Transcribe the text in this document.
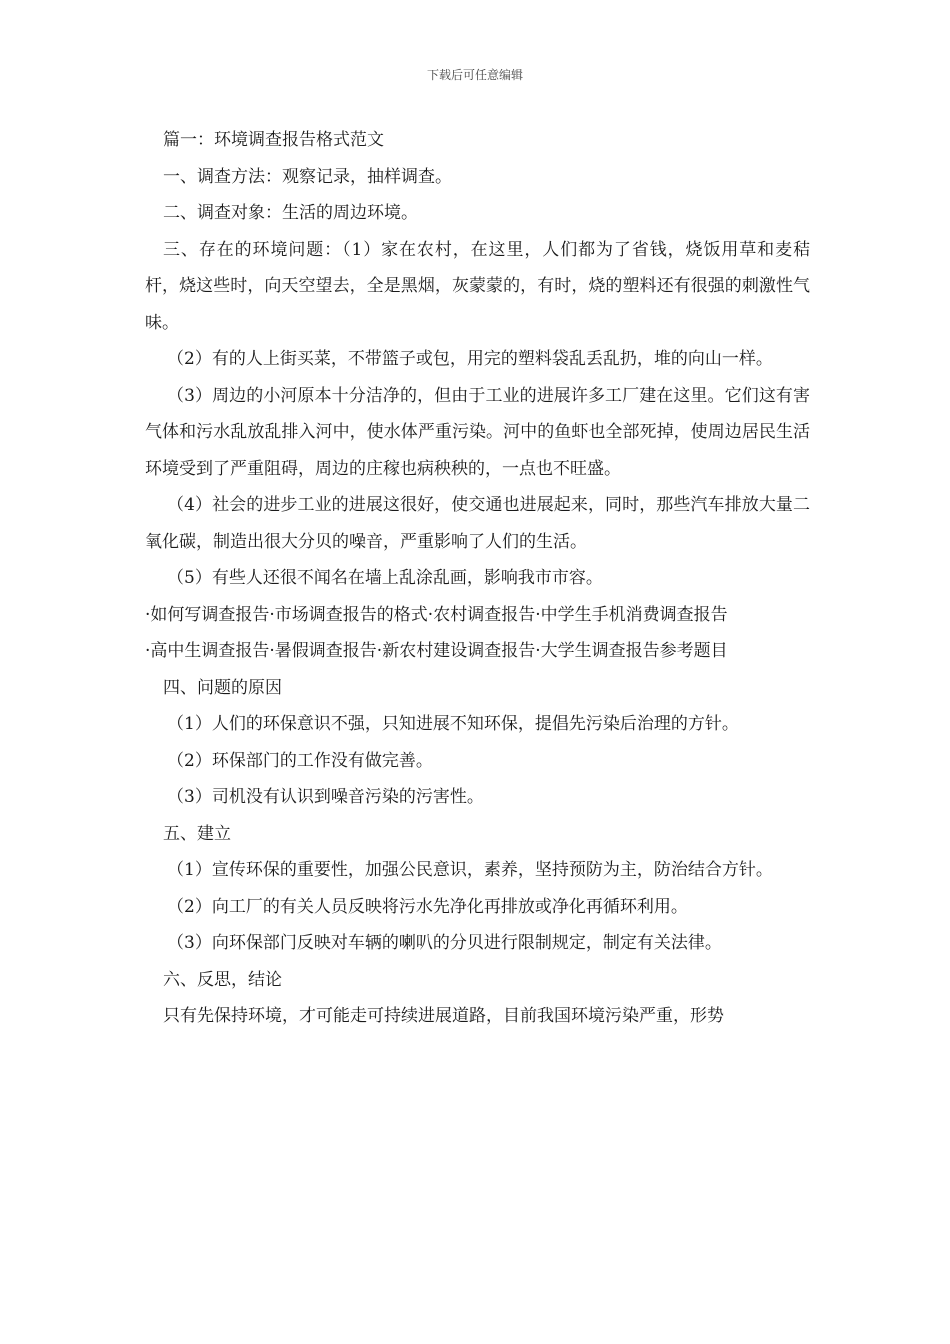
下载后可任意编辑

篇一：环境调查报告格式范文

一、调查方法：观察记录，抽样调查。

二、调查对象：生活的周边环境。

三、存在的环境问题：（1）家在农村，在这里，人们都为了省钱，烧饭用草和麦秸杆，烧这些时，向天空望去，全是黑烟，灰蒙蒙的，有时，烧的塑料还有很强的刺激性气味。

（2）有的人上街买菜，不带篮子或包，用完的塑料袋乱丢乱扔，堆的向山一样。

（3）周边的小河原本十分洁净的，但由于工业的进展许多工厂建在这里。它们这有害气体和污水乱放乱排入河中，使水体严重污染。河中的鱼虾也全部死掉，使周边居民生活环境受到了严重阻碍，周边的庄稼也病秧秧的，一点也不旺盛。

（4）社会的进步工业的进展这很好，使交通也进展起来，同时，那些汽车排放大量二氧化碳，制造出很大分贝的噪音，严重影响了人们的生活。

（5）有些人还很不闻名在墙上乱涂乱画，影响我市市容。

·如何写调查报告·市场调查报告的格式·农村调查报告·中学生手机消费调查报告

·高中生调查报告·暑假调查报告·新农村建设调查报告·大学生调查报告参考题目

四、问题的原因

（1）人们的环保意识不强，只知进展不知环保，提倡先污染后治理的方针。

（2）环保部门的工作没有做完善。

（3）司机没有认识到噪音污染的污害性。

五、建立

（1）宣传环保的重要性，加强公民意识，素养，坚持预防为主，防治结合方针。

（2）向工厂的有关人员反映将污水先净化再排放或净化再循环利用。

（3）向环保部门反映对车辆的喇叭的分贝进行限制规定，制定有关法律。

六、反思，结论

只有先保持环境，才可能走可持续进展道路，目前我国环境污染严重，形势
